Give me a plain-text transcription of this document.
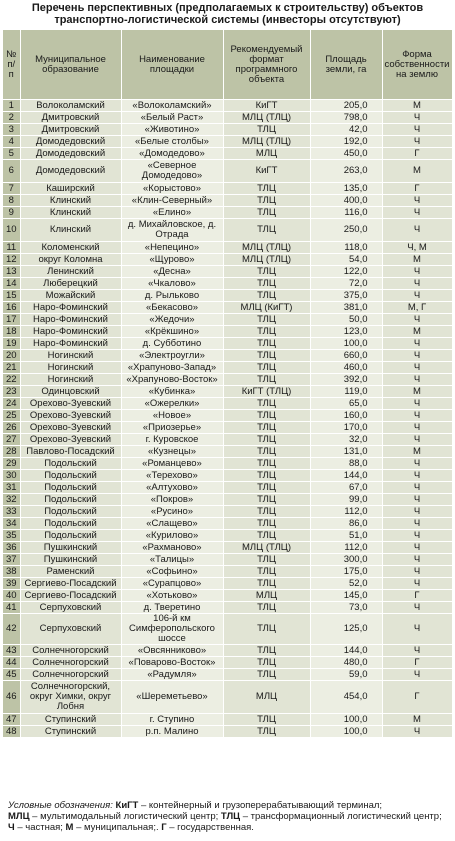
Перечень перспективных (предполагаемых к строительству) объектов
транспортно-логистической системы (инвесторы отсутствуют)
№ п/п	Муниципальное образование	Наименование площадки	Рекомендуемый формат программного объекта	Площадь земли, га	Форма собственности на землю
1	Волоколамский	«Волоколамский»	КиГТ	205,0	М
2	Дмитровский	«Белый Раст»	МЛЦ (ТЛЦ)	798,0	Ч
3	Дмитровский	«Животино»	ТЛЦ	42,0	Ч
4	Домодедовский	«Белые столбы»	МЛЦ (ТЛЦ)	192,0	Ч
5	Домодедовский	«Домодедово»	МЛЦ	450,0	Г
6	Домодедовский	«Северное Домодедово»	КиГТ	263,0	М
7	Каширский	«Корыстово»	ТЛЦ	135,0	Г
8	Клинский	«Клин-Северный»	ТЛЦ	400,0	Ч
9	Клинский	«Елино»	ТЛЦ	116,0	Ч
10	Клинский	д. Михайловское, д. Отрада	ТЛЦ	250,0	Ч
11	Коломенский	«Непецино»	МЛЦ (ТЛЦ)	118,0	Ч, М
12	округ Коломна	«Щурово»	МЛЦ (ТЛЦ)	54,0	М
13	Ленинский	«Десна»	ТЛЦ	122,0	Ч
14	Люберецкий	«Чкалово»	ТЛЦ	72,0	Ч
15	Можайский	д. Рыльково	ТЛЦ	375,0	Ч
16	Наро-Фоминский	«Бекасово»	МЛЦ (КиГТ)	381,0	М, Г
17	Наро-Фоминский	«Жедочи»	ТЛЦ	50,0	Ч
18	Наро-Фоминский	«Крёкшино»	ТЛЦ	123,0	М
19	Наро-Фоминский	д. Субботино	ТЛЦ	100,0	Ч
20	Ногинский	«Электроугли»	ТЛЦ	660,0	Ч
21	Ногинский	«Храпуново-Запад»	ТЛЦ	460,0	Ч
22	Ногинский	«Храпуново-Восток»	ТЛЦ	392,0	Ч
23	Одинцовский	«Кубинка»	КиГТ (ТЛЦ)	119,0	М
24	Орехово-Зуевский	«Ожерелки»	ТЛЦ	65,0	Ч
25	Орехово-Зуевский	«Новое»	ТЛЦ	160,0	Ч
26	Орехово-Зуевский	«Приозерье»	ТЛЦ	170,0	Ч
27	Орехово-Зуевский	г. Куровское	ТЛЦ	32,0	Ч
28	Павлово-Посадский	«Кузнецы»	ТЛЦ	131,0	М
29	Подольский	«Романцево»	ТЛЦ	88,0	Ч
30	Подольский	«Терехово»	ТЛЦ	144,0	Ч
31	Подольский	«Алтухово»	ТЛЦ	67,0	Ч
32	Подольский	«Покров»	ТЛЦ	99,0	Ч
33	Подольский	«Русино»	ТЛЦ	112,0	Ч
34	Подольский	«Слащево»	ТЛЦ	86,0	Ч
35	Подольский	«Курилово»	ТЛЦ	51,0	Ч
36	Пушкинский	«Рахманово»	МЛЦ (ТЛЦ)	112,0	Ч
37	Пушкинский	«Талицы»	ТЛЦ	300,0	Ч
38	Раменский	«Софьино»	ТЛЦ	175,0	Ч
39	Сергиево-Посадский	«Сурапцово»	ТЛЦ	52,0	Ч
40	Сергиево-Посадский	«Хотьково»	МЛЦ	145,0	Г
41	Серпуховский	д. Тверетино	ТЛЦ	73,0	Ч
42	Серпуховский	106-й км Симферопольского шоссе	ТЛЦ	125,0	Ч
43	Солнечногорский	«Овсянниково»	ТЛЦ	144,0	Ч
44	Солнечногорский	«Поварово-Восток»	ТЛЦ	480,0	Г
45	Солнечногорский	«Радумля»	ТЛЦ	59,0	Ч
46	Солнечногорский, округ Химки, округ Лобня	«Шереметьево»	МЛЦ	454,0	Г
47	Ступинский	г. Ступино	ТЛЦ	100,0	М
48	Ступинский	р.п. Малино	ТЛЦ	100,0	Ч
Условные обозначения: КиГТ – контейнерный и грузоперерабатывающий терминал;
МЛЦ – мультимодальный логистический центр; ТЛЦ – трансформационный логистический центр;
Ч – частная; М – муниципальная;. Г – государственная.
